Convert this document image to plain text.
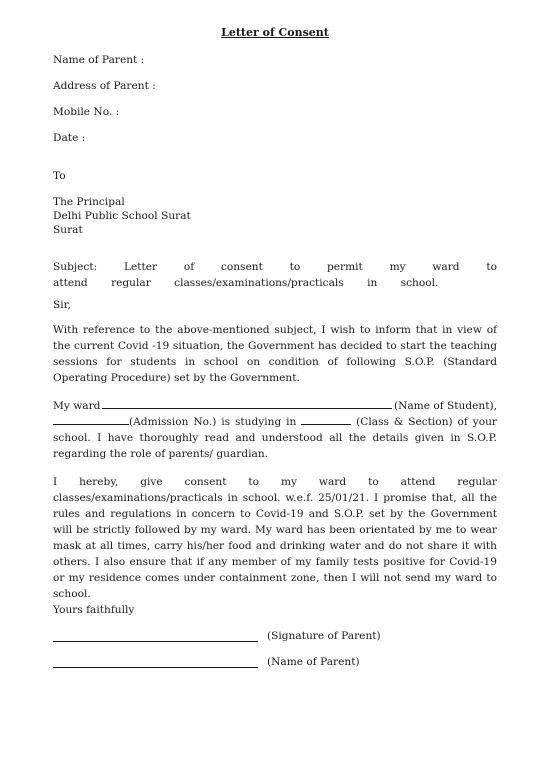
Letter of Consent
Name of Parent :
Address of Parent :
Mobile No. :
Date :
To
The Principal
Delhi Public School Surat
Surat
Subject: Letter of consent to permit my ward to attend regular classes/examinations/practicals in school.
Sir,
With reference to the above-mentioned subject, I wish to inform that in view of the current Covid -19 situation, the Government has decided to start the teaching sessions for students in school on condition of following S.O.P. (Standard Operating Procedure) set by the Government.
My ward	(Name of Student),
(Admission No.) is studying in	(Class & Section) of your school. I have thoroughly read and understood all the details given in S.O.P. regarding the role of parents/ guardian.
I hereby, give consent to my ward to attend regular classes/examinations/practicals in school. w.e.f. 25/01/21. I promise that, all the rules and regulations in concern to Covid-19 and S.O.P. set by the Government will be strictly followed by my ward. My ward has been orientated by me to wear mask at all times, carry his/her food and drinking water and do not share it with others. I also ensure that if any member of my family tests positive for Covid-19 or my residence comes under containment zone, then I will not send my ward to school.
Yours faithfully
(Signature of Parent)
(Name of Parent)
